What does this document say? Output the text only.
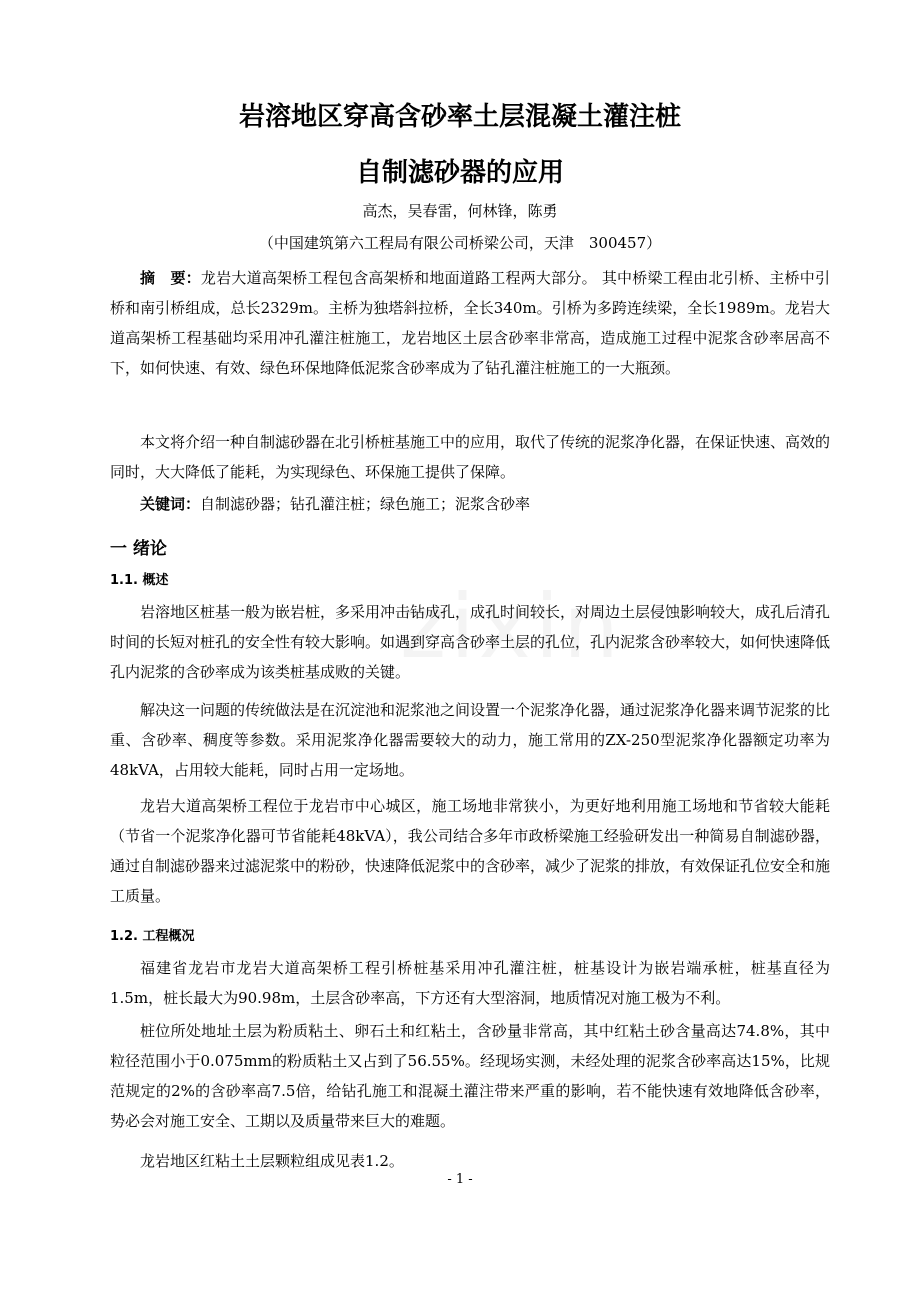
岩溶地区穿高含砂率土层混凝土灌注桩
自制滤砂器的应用

高杰，吴春雷，何林锋，陈勇

（中国建筑第六工程局有限公司桥梁公司，天津　300457）

摘　要：龙岩大道高架桥工程包含高架桥和地面道路工程两大部分。 其中桥梁工程由北引桥、主桥中引桥和南引桥组成，总长2329m。主桥为独塔斜拉桥，全长340m。引桥为多跨连续梁，全长1989m。龙岩大道高架桥工程基础均采用冲孔灌注桩施工，龙岩地区土层含砂率非常高，造成施工过程中泥浆含砂率居高不下，如何快速、有效、绿色环保地降低泥浆含砂率成为了钻孔灌注桩施工的一大瓶颈。

本文将介绍一种自制滤砂器在北引桥桩基施工中的应用，取代了传统的泥浆净化器，在保证快速、高效的同时，大大降低了能耗，为实现绿色、环保施工提供了保障。

关键词：自制滤砂器；钻孔灌注桩；绿色施工；泥浆含砂率

一 绪论
1.1. 概述

岩溶地区桩基一般为嵌岩桩，多采用冲击钻成孔，成孔时间较长，对周边土层侵蚀影响较大，成孔后清孔时间的长短对桩孔的安全性有较大影响。如遇到穿高含砂率土层的孔位，孔内泥浆含砂率较大，如何快速降低孔内泥浆的含砂率成为该类桩基成败的关键。

解决这一问题的传统做法是在沉淀池和泥浆池之间设置一个泥浆净化器，通过泥浆净化器来调节泥浆的比重、含砂率、稠度等参数。采用泥浆净化器需要较大的动力，施工常用的ZX-250型泥浆净化器额定功率为48kVA，占用较大能耗，同时占用一定场地。

龙岩大道高架桥工程位于龙岩市中心城区，施工场地非常狭小，为更好地利用施工场地和节省较大能耗（节省一个泥浆净化器可节省能耗48kVA），我公司结合多年市政桥梁施工经验研发出一种简易自制滤砂器，通过自制滤砂器来过滤泥浆中的粉砂，快速降低泥浆中的含砂率，减少了泥浆的排放，有效保证孔位安全和施工质量。

1.2. 工程概况

福建省龙岩市龙岩大道高架桥工程引桥桩基采用冲孔灌注桩，桩基设计为嵌岩端承桩，桩基直径为1.5m，桩长最大为90.98m，土层含砂率高，下方还有大型溶洞，地质情况对施工极为不利。

桩位所处地址土层为粉质粘土、卵石土和红粘土，含砂量非常高，其中红粘土砂含量高达74.8%，其中粒径范围小于0.075mm的粉质粘土又占到了56.55%。经现场实测，未经处理的泥浆含砂率高达15%，比规范规定的2%的含砂率高7.5倍，给钻孔施工和混凝土灌注带来严重的影响，若不能快速有效地降低含砂率，势必会对施工安全、工期以及质量带来巨大的难题。

龙岩地区红粘土土层颗粒组成见表1.2。

- 1 -
